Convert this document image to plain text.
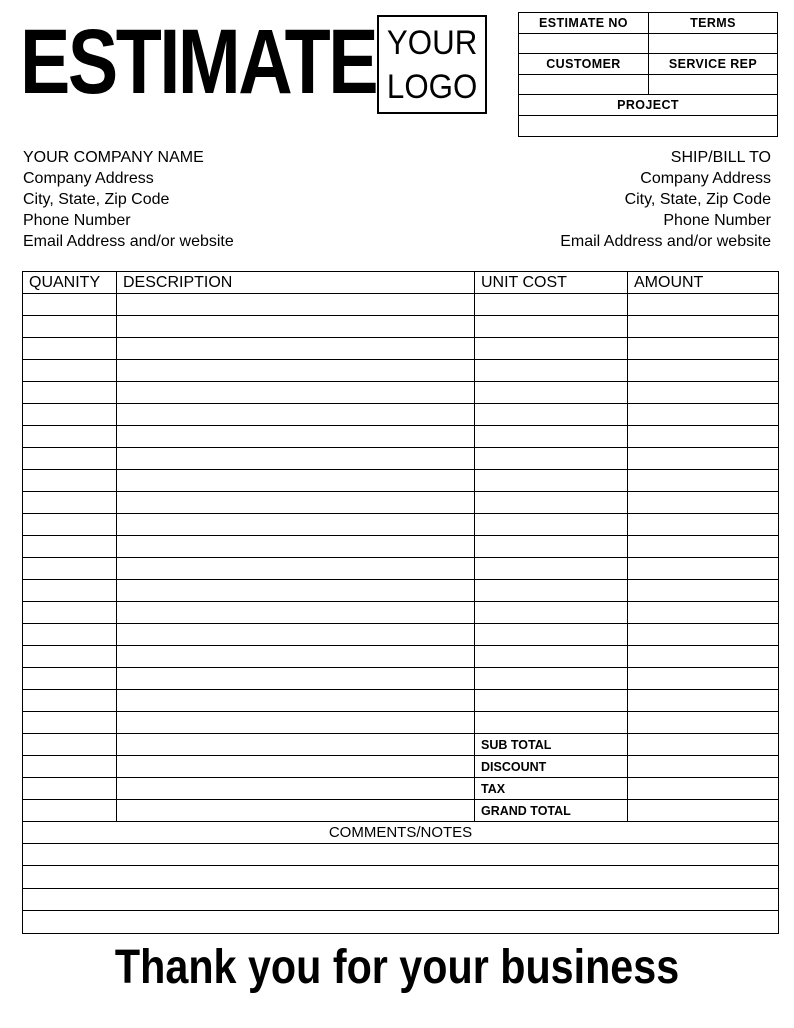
ESTIMATE YOUR
LOGO
ESTIMATE NO	TERMS

CUSTOMER	SERVICE REP

PROJECT	

YOUR COMPANY NAME
Company Address
City, State, Zip Code
Phone Number
Email Address and/or website
SHIP/BILL TO
Company Address
City, State, Zip Code
Phone Number
Email Address and/or website
QUANITY	DESCRIPTION	UNIT COST	AMOUNT

		SUB TOTAL	
		DISCOUNT	
		TAX	
		GRAND TOTAL	
COMMENTS/NOTES			

Thank you for your business
